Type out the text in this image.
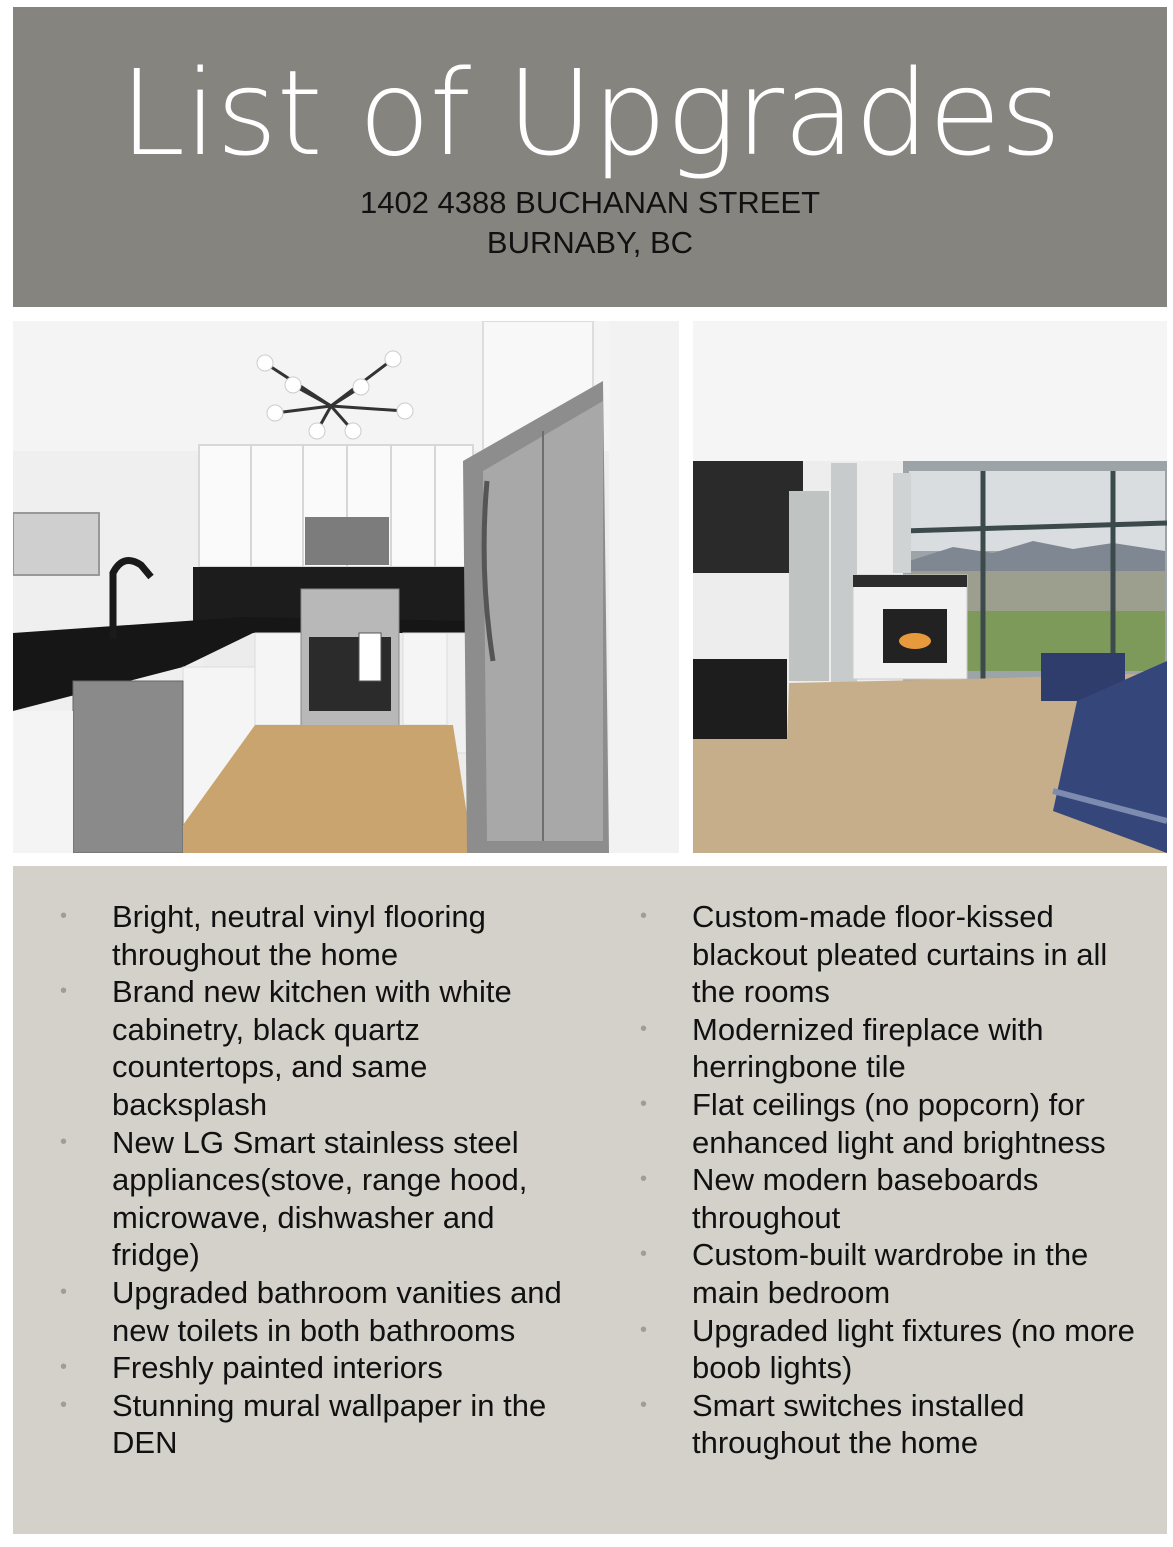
List of Upgrades
1402 4388 BUCHANAN STREET
BURNABY, BC
• Bright, neutral vinyl flooring throughout the home
• Brand new kitchen with white cabinetry, black quartz countertops, and same backsplash
• New LG Smart stainless steel appliances(stove, range hood, microwave, dishwasher and fridge)
• Upgraded bathroom vanities and new toilets in both bathrooms
• Freshly painted interiors
• Stunning mural wallpaper in the DEN
• Custom-made floor-kissed blackout pleated curtains in all the rooms
• Modernized fireplace with herringbone tile
• Flat ceilings (no popcorn) for enhanced light and brightness
• New modern baseboards throughout
• Custom-built wardrobe in the main bedroom
• Upgraded light fixtures (no more boob lights)
• Smart switches installed throughout the home
